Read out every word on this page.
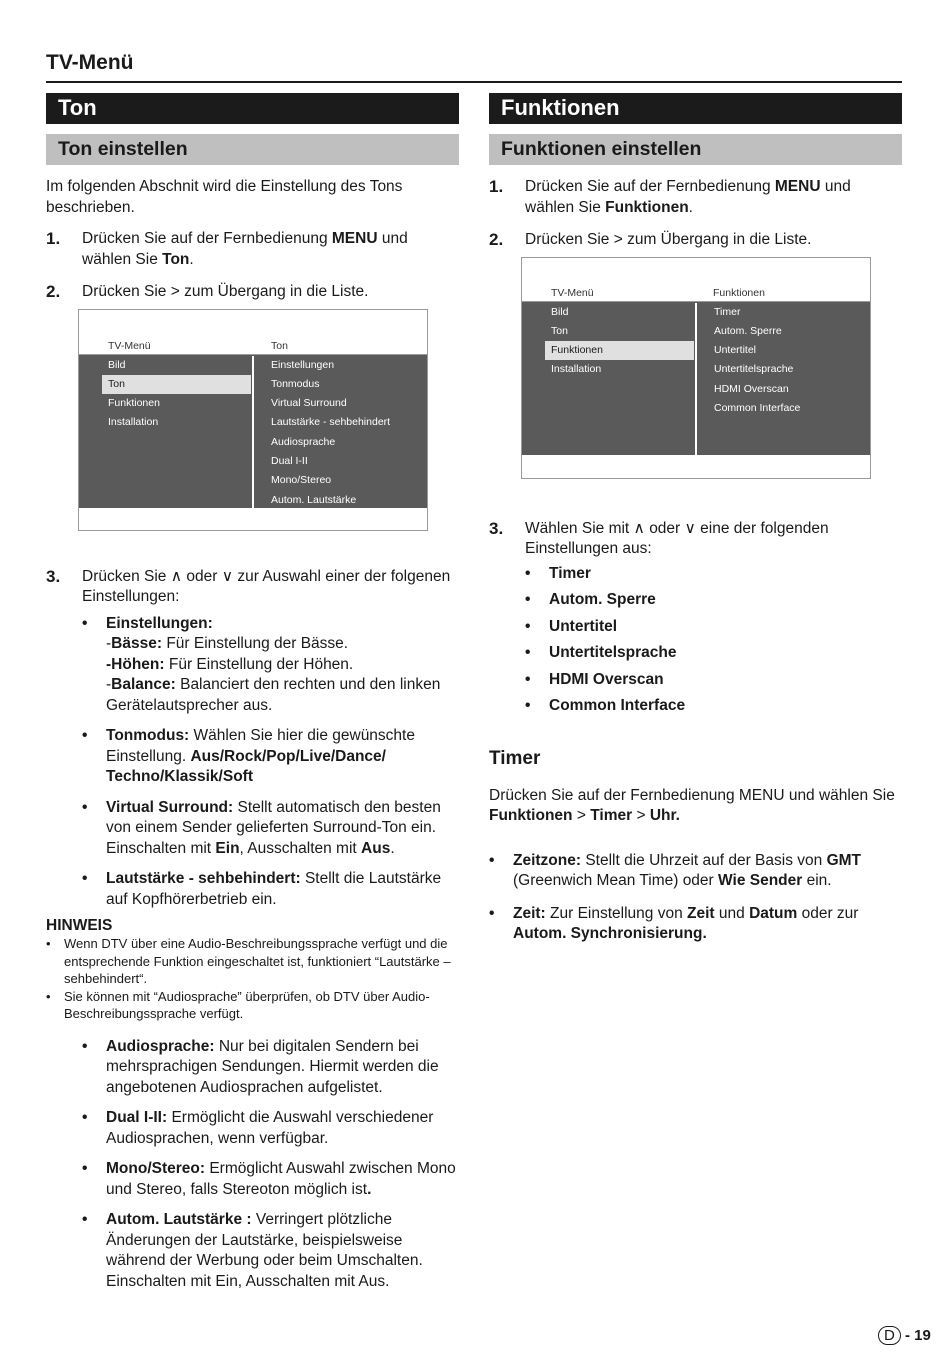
TV-Menü
Ton
Ton einstellen

Im folgenden Abschnit wird die Einstellung des Tons beschrieben.

1. Drücken Sie auf der Fernbedienung MENU und wählen Sie Ton.
2. Drücken Sie > zum Übergang in die Liste.
TV-Menü	Ton
Bild
Ton
Funktionen
Installation
Einstellungen
Tonmodus
Virtual Surround
Lautstärke - sehbehindert
Audiosprache
Dual I-II
Mono/Stereo
Autom. Lautstärke
3. Drücken Sie ∧ oder ∨ zur Auswahl einer der folgenen Einstellungen:
• Einstellungen:
-Bässe: Für Einstellung der Bässe.
-Höhen: Für Einstellung der Höhen.
-Balance: Balanciert den rechten und den linken Gerätelautsprecher aus.
• Tonmodus: Wählen Sie hier die gewünschte Einstellung. Aus/Rock/Pop/Live/Dance/ Techno/Klassik/Soft
• Virtual Surround: Stellt automatisch den besten von einem Sender gelieferten Surround-Ton ein. Einschalten mit Ein, Ausschalten mit Aus.
• Lautstärke - sehbehindert: Stellt die Lautstärke auf Kopfhörerbetrieb ein.
HINWEIS
• Wenn DTV über eine Audio-Beschreibungssprache verfügt und die entsprechende Funktion eingeschaltet ist, funktioniert “Lautstärke – sehbehindert“.
• Sie können mit “Audiosprache” überprüfen, ob DTV über Audio-Beschreibungssprache verfügt.
• Audiosprache: Nur bei digitalen Sendern bei mehrsprachigen Sendungen. Hiermit werden die angebotenen Audiosprachen aufgelistet.
• Dual I-II: Ermöglicht die Auswahl verschiedener Audiosprachen, wenn verfügbar.
• Mono/Stereo: Ermöglicht Auswahl zwischen Mono und Stereo, falls Stereoton möglich ist.
• Autom. Lautstärke : Verringert plötzliche Änderungen der Lautstärke, beispielsweise während der Werbung oder beim Umschalten. Einschalten mit Ein, Ausschalten mit Aus.
Funktionen
Funktionen einstellen
1. Drücken Sie auf der Fernbedienung MENU und wählen Sie Funktionen.
2. Drücken Sie > zum Übergang in die Liste.
TV-Menü	Funktionen
Bild
Ton
Funktionen
Installation
Timer
Autom. Sperre
Untertitel
Untertitelsprache
HDMI Overscan
Common Interface
3. Wählen Sie mit ∧ oder ∨ eine der folgenden Einstellungen aus:
• Timer
• Autom. Sperre
• Untertitel
• Untertitelsprache
• HDMI Overscan
• Common Interface
Timer

Drücken Sie auf der Fernbedienung MENU und wählen Sie Funktionen > Timer > Uhr.

• Zeitzone: Stellt die Uhrzeit auf der Basis von GMT (Greenwich Mean Time) oder Wie Sender ein.
• Zeit: Zur Einstellung von Zeit und Datum oder zur Autom. Synchronisierung.
D - 19
